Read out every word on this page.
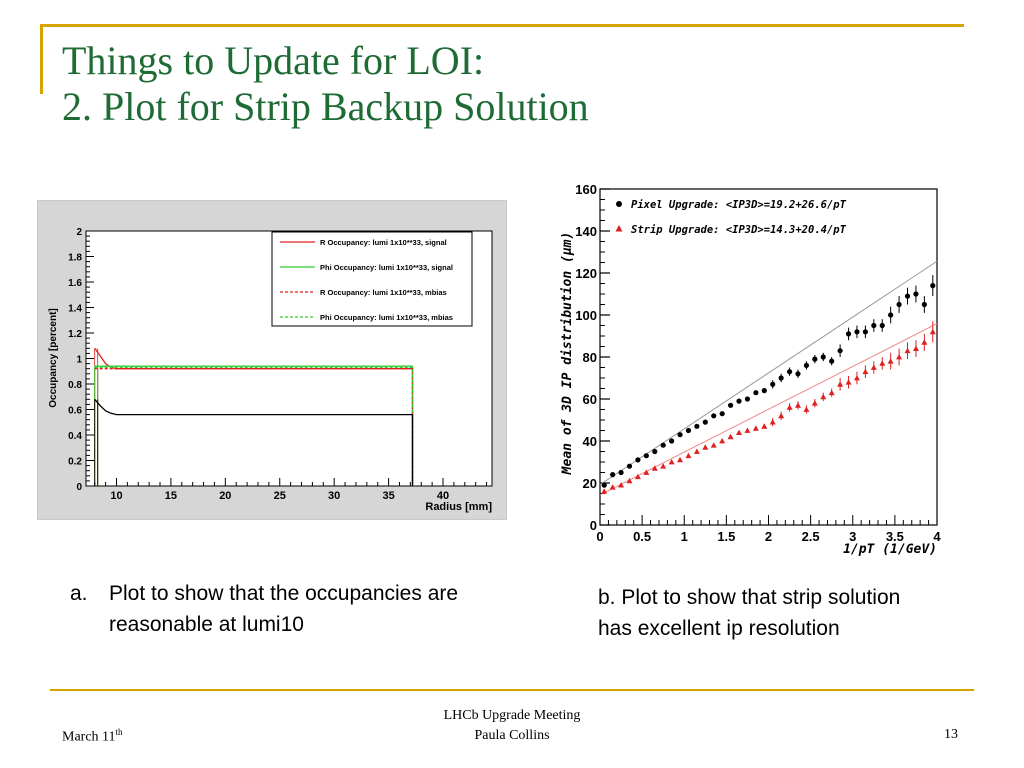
Things to Update for LOI:
2. Plot for Strip Backup Solution
0
0.2
0.4
0.6
0.8
1
1.2
1.4
1.6
1.8
2
10	15	20	25	30	35	40
Occupancy [percent]
Radius [mm]
R Occupancy: lumi 1x10**33, signal
Phi Occupancy: lumi 1x10**33, signal
R Occupancy: lumi 1x10**33, mbias
Phi Occupancy: lumi 1x10**33, mbias
0
20
40
60
80
100
120
140
160
0 0.5 1 1.5 2 2.5 3 3.5 4
Pixel Upgrade: <IP3D>=19.2+26.6/pT
Strip Upgrade: <IP3D>=14.3+20.4/pT
Mean of 3D IP distribution (μm)
1/pT (1/GeV)
a.	Plot to show that the occupancies are reasonable at lumi10
b. Plot to show that strip solution has excellent ip resolution
March 11th
LHCb Upgrade Meeting
Paula Collins	13
